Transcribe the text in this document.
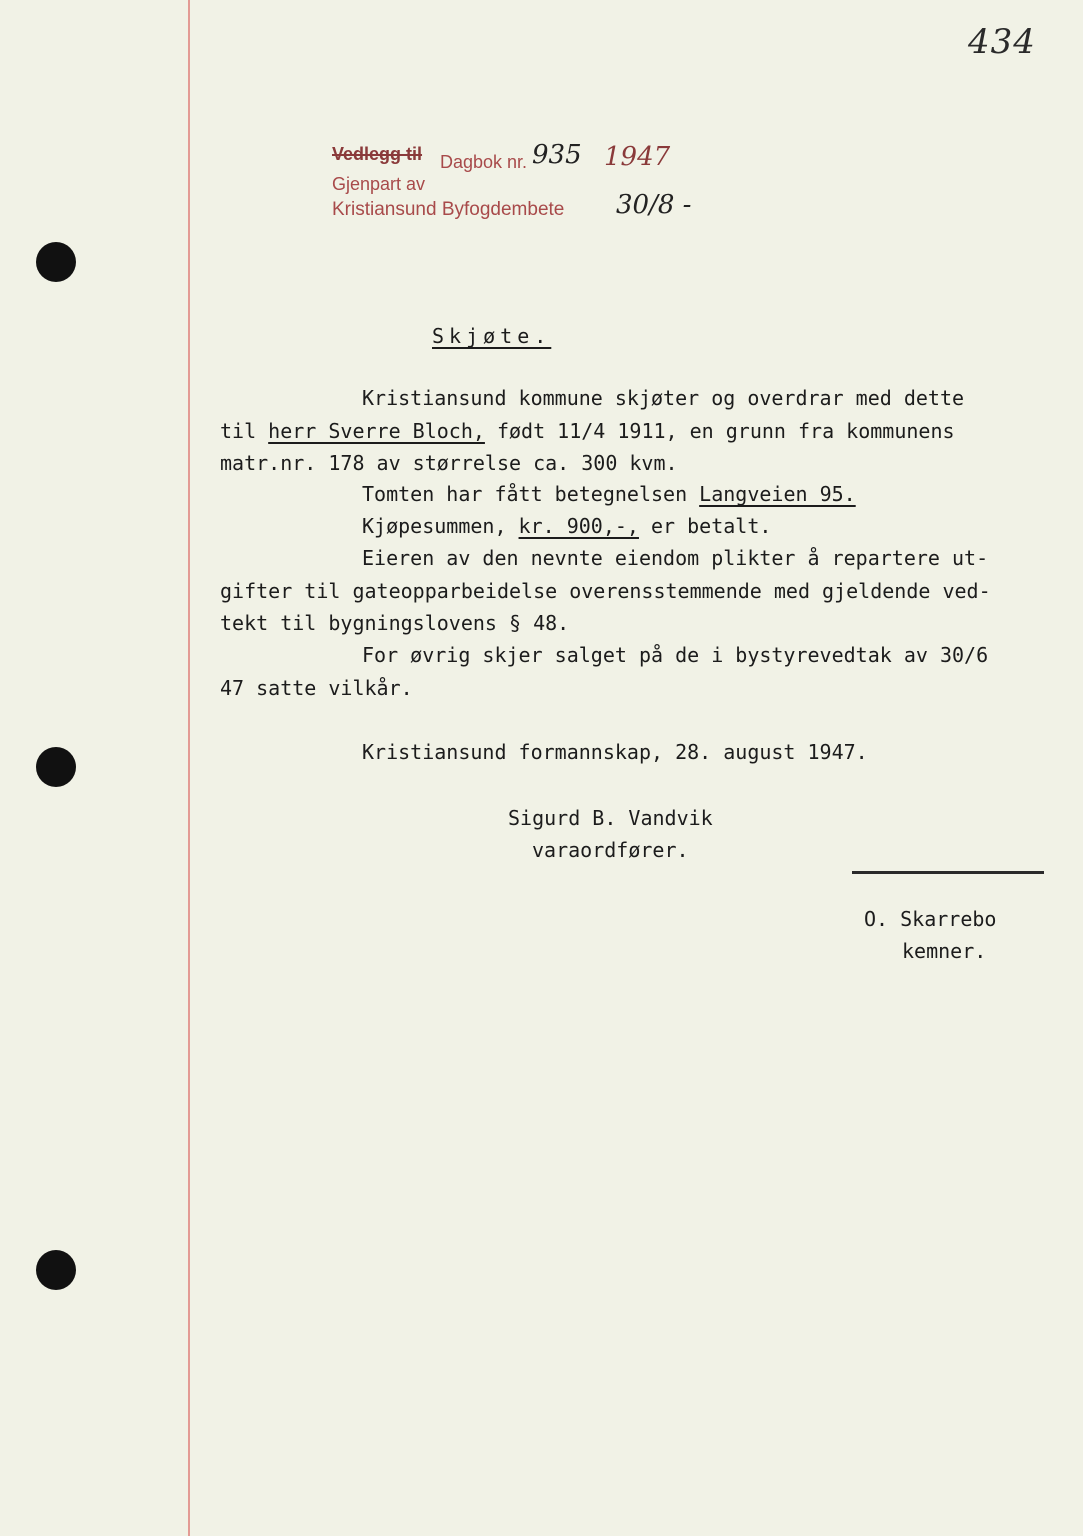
434
Vedlegg til Dagbok nr. 935 1947
Gjenpart av
Kristiansund Byfogdembete 30/8 -
Skjøte.
Kristiansund kommune skjøter og overdrar med dette
til herr Sverre Bloch, født 11/4 1911, en grunn fra kommunens
matr.nr. 178 av størrelse ca. 300 kvm.
Tomten har fått betegnelsen Langveien 95.
Kjøpesummen, kr. 900,-, er betalt.
Eieren av den nevnte eiendom plikter å repartere ut-
gifter til gateopparbeidelse overensstemmende med gjeldende ved-
tekt til bygningslovens § 48.
For øvrig skjer salget på de i bystyrevedtak av 30/6
47 satte vilkår.
Kristiansund formannskap, 28. august 1947.
Sigurd B. Vandvik
varaordfører.
O. Skarrebo
kemner.
